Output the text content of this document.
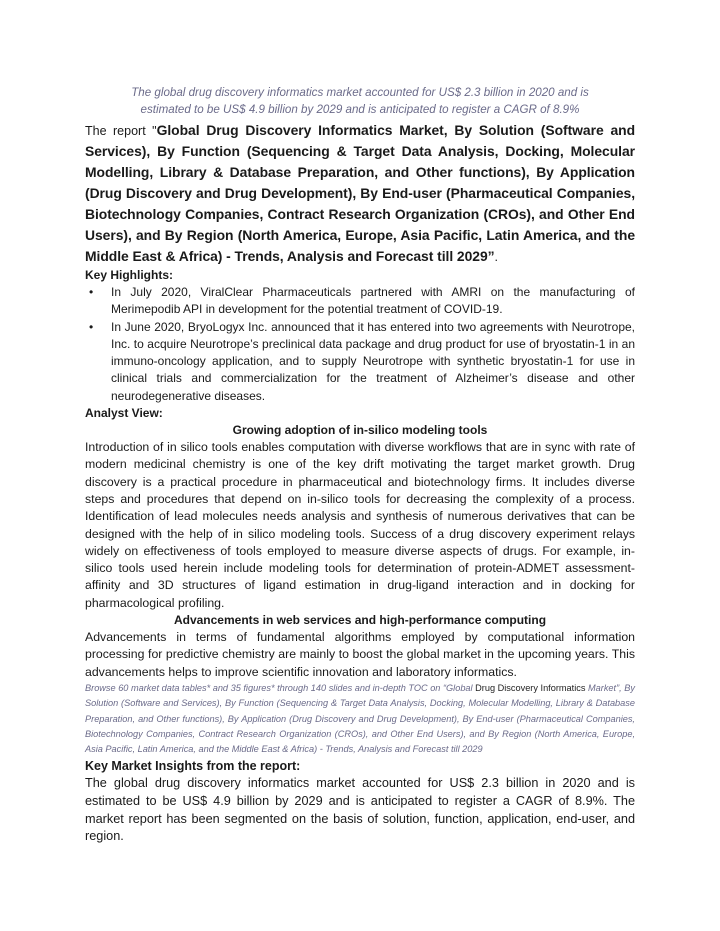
The global drug discovery informatics market accounted for US$ 2.3 billion in 2020 and is
estimated to be US$ 4.9 billion by 2029 and is anticipated to register a CAGR of 8.9%

The report "Global Drug Discovery Informatics Market, By Solution (Software and Services), By Function (Sequencing & Target Data Analysis, Docking, Molecular Modelling, Library & Database Preparation, and Other functions), By Application (Drug Discovery and Drug Development), By End-user (Pharmaceutical Companies, Biotechnology Companies, Contract Research Organization (CROs), and Other End Users), and By Region (North America, Europe, Asia Pacific, Latin America, and the Middle East & Africa) - Trends, Analysis and Forecast till 2029”.

Key Highlights:

• In July 2020, ViralClear Pharmaceuticals partnered with AMRI on the manufacturing of Merimepodib API in development for the potential treatment of COVID-19.
• In June 2020, BryoLogyx Inc. announced that it has entered into two agreements with Neurotrope, Inc. to acquire Neurotrope’s preclinical data package and drug product for use of bryostatin-1 in an immuno-oncology application, and to supply Neurotrope with synthetic bryostatin-1 for use in clinical trials and commercialization for the treatment of Alzheimer’s disease and other neurodegenerative diseases.

Analyst View:

Growing adoption of in-silico modeling tools

Introduction of in silico tools enables computation with diverse workflows that are in sync with rate of modern medicinal chemistry is one of the key drift motivating the target market growth. Drug discovery is a practical procedure in pharmaceutical and biotechnology firms. It includes diverse steps and procedures that depend on in-silico tools for decreasing the complexity of a process. Identification of lead molecules needs analysis and synthesis of numerous derivatives that can be designed with the help of in silico modeling tools. Success of a drug discovery experiment relays widely on effectiveness of tools employed to measure diverse aspects of drugs. For example, in-silico tools used herein include modeling tools for determination of protein-ADMET assessment-affinity and 3D structures of ligand estimation in drug-ligand interaction and in docking for pharmacological profiling.

Advancements in web services and high-performance computing

Advancements in terms of fundamental algorithms employed by computational information processing for predictive chemistry are mainly to boost the global market in the upcoming years. This advancements helps to improve scientific innovation and laboratory informatics.

Browse 60 market data tables* and 35 figures* through 140 slides and in-depth TOC on “Global Drug Discovery Informatics Market”, By Solution (Software and Services), By Function (Sequencing & Target Data Analysis, Docking, Molecular Modelling, Library & Database Preparation, and Other functions), By Application (Drug Discovery and Drug Development), By End-user (Pharmaceutical Companies, Biotechnology Companies, Contract Research Organization (CROs), and Other End Users), and By Region (North America, Europe, Asia Pacific, Latin America, and the Middle East & Africa) - Trends, Analysis and Forecast till 2029

Key Market Insights from the report:

The global drug discovery informatics market accounted for US$ 2.3 billion in 2020 and is estimated to be US$ 4.9 billion by 2029 and is anticipated to register a CAGR of 8.9%. The market report has been segmented on the basis of solution, function, application, end-user, and region.
